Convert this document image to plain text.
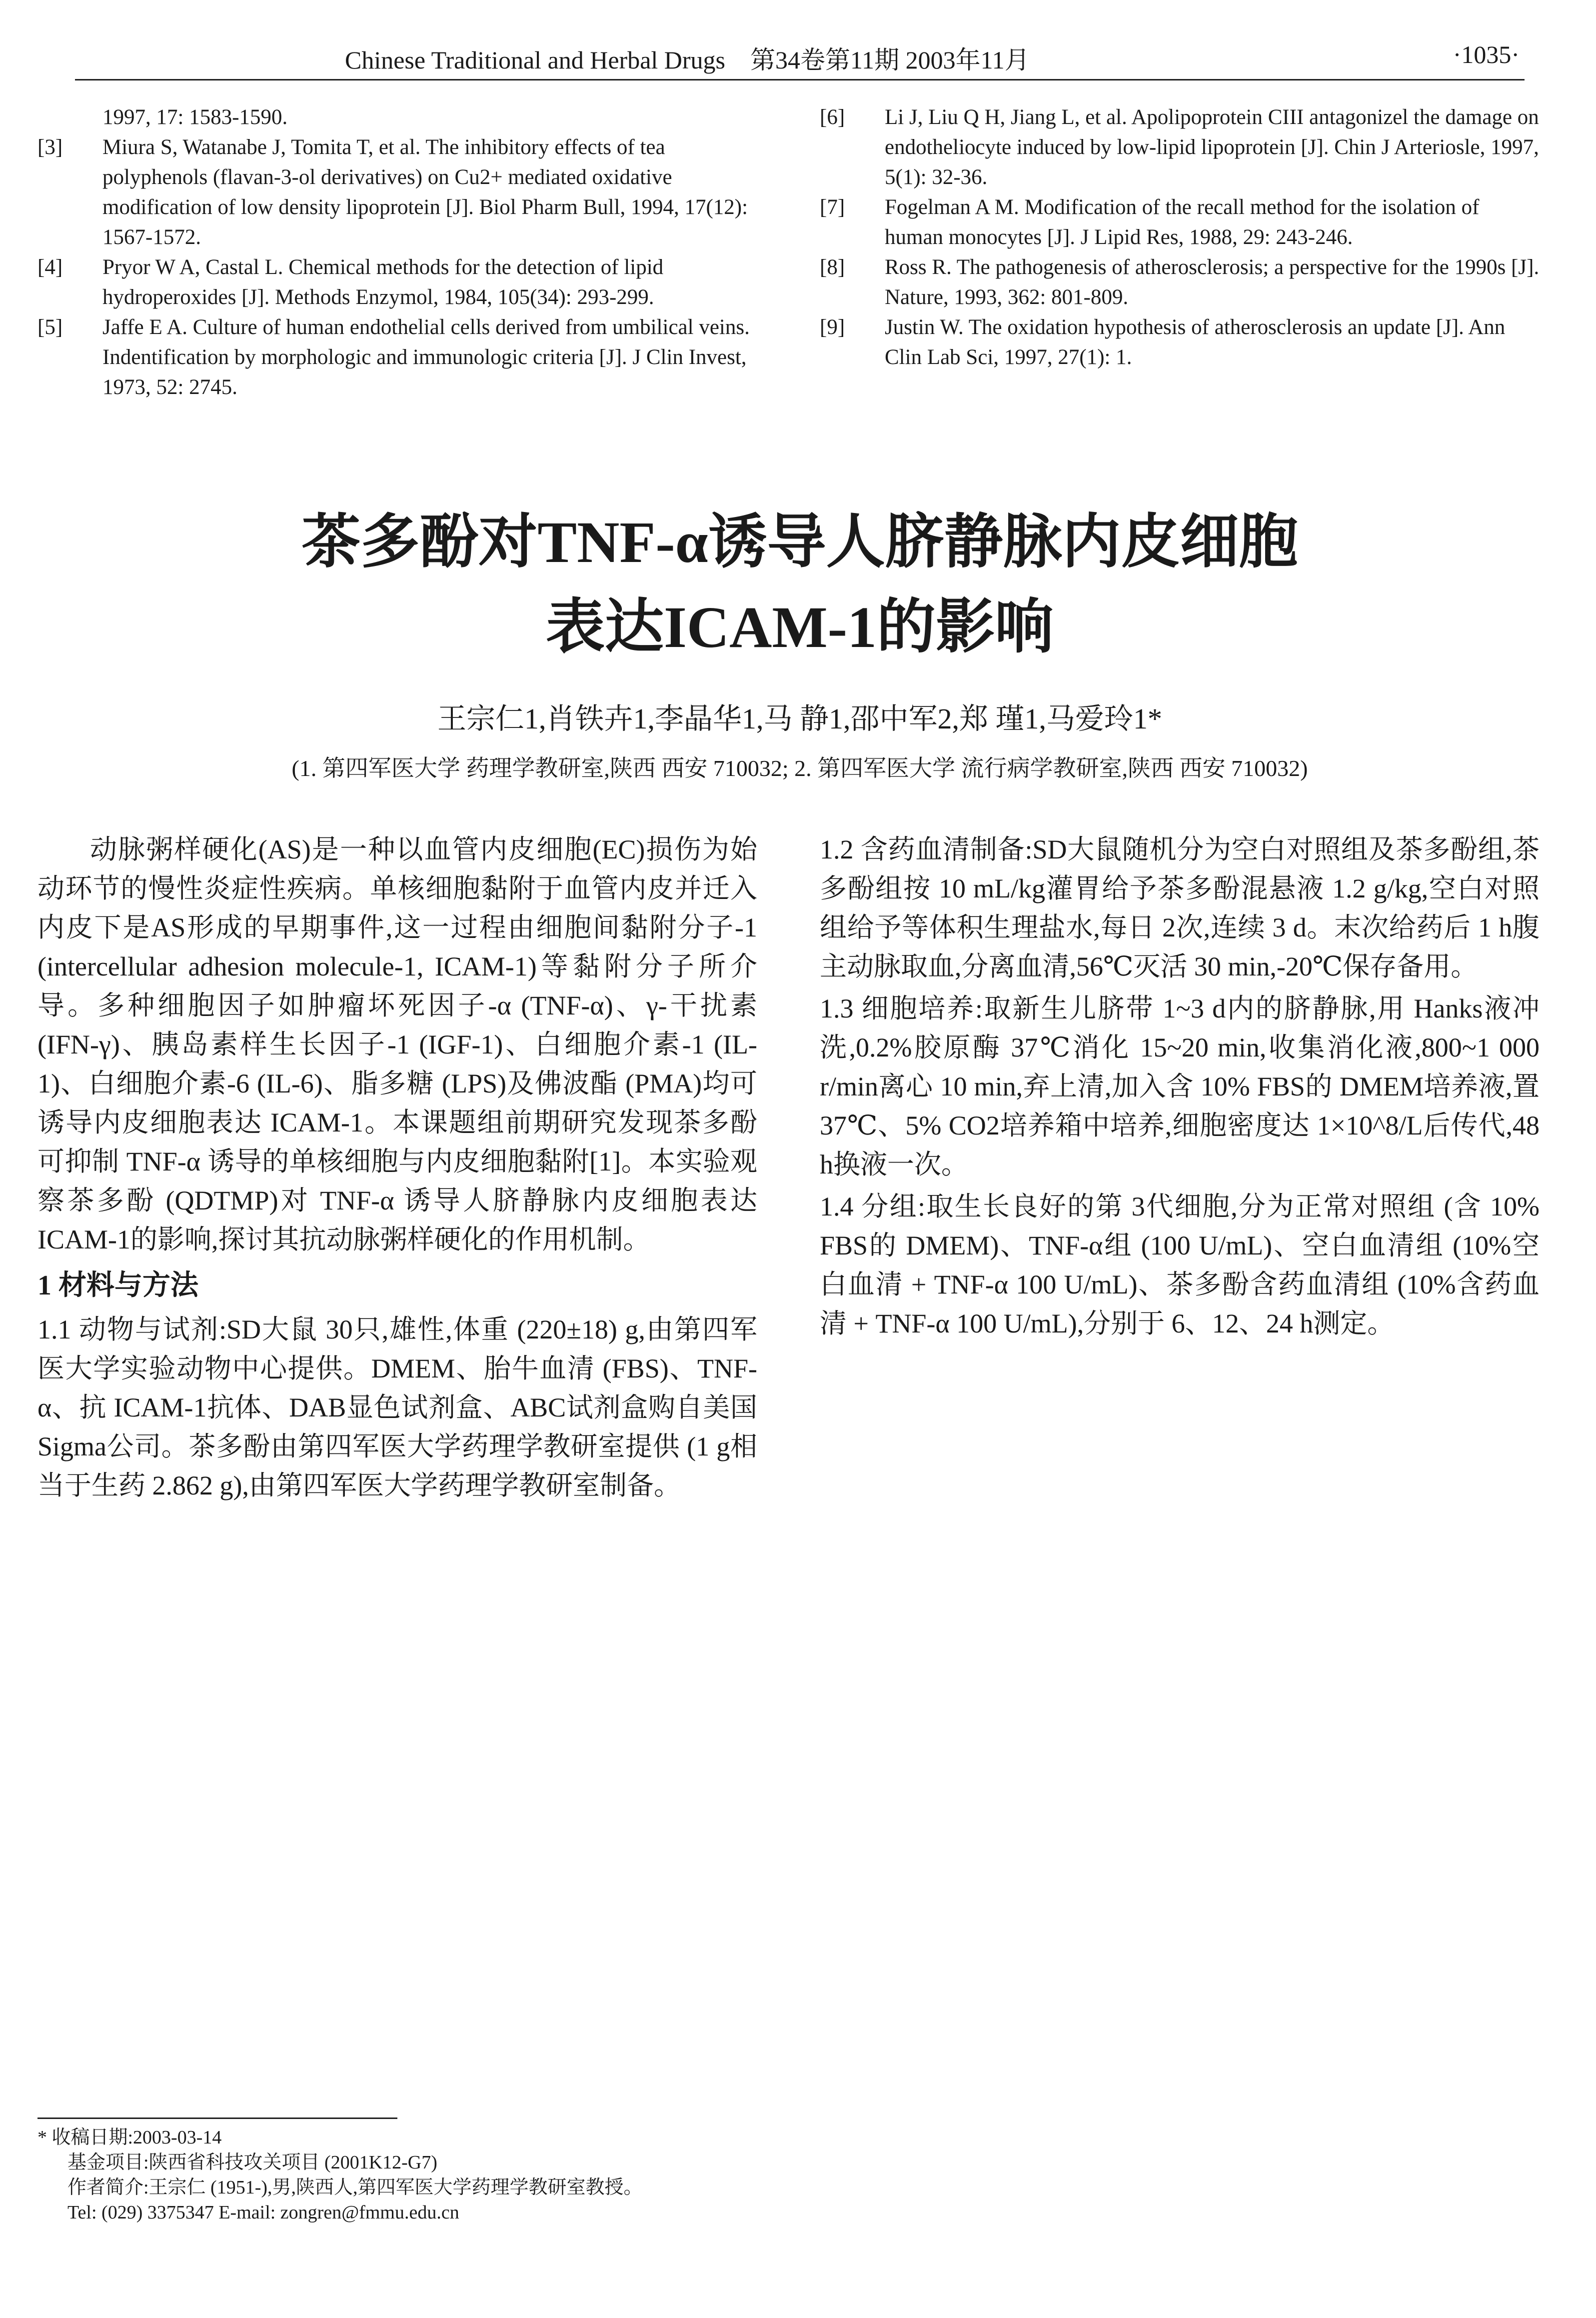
Chinese Traditional and Herbal Drugs 第34卷第11期 2003年11月	·1035·
1997, 17: 1583-1590.
[3] Miura S, Watanabe J, Tomita T, et al. The inhibitory effects of tea polyphenols (flavan-3-ol derivatives) on Cu2+ mediated oxidative modification of low density lipoprotein [J]. Biol Pharm Bull, 1994, 17(12): 1567-1572.
[4] Pryor W A, Castal L. Chemical methods for the detection of lipid hydroperoxides [J]. Methods Enzymol, 1984, 105(34): 293-299.
[5] Jaffe E A. Culture of human endothelial cells derived from umbilical veins. Indentification by morphologic and immunologic criteria [J]. J Clin Invest, 1973, 52: 2745.
[6] Li J, Liu Q H, Jiang L, et al. Apolipoprotein CIII antagonizel the damage on endotheliocyte induced by low-lipid lipoprotein [J]. Chin J Arteriosle, 1997, 5(1): 32-36.
[7] Fogelman A M. Modification of the recall method for the isolation of human monocytes [J]. J Lipid Res, 1988, 29: 243-246.
[8] Ross R. The pathogenesis of atherosclerosis; a perspective for the 1990s [J]. Nature, 1993, 362: 801-809.
[9] Justin W. The oxidation hypothesis of atherosclerosis an update [J]. Ann Clin Lab Sci, 1997, 27(1): 1.
茶多酚对TNF-α诱导人脐静脉内皮细胞
表达ICAM-1的影响
王宗仁1,肖铁卉1,李晶华1,马 静1,邵中军2,郑 瑾1,马爱玲1*
(1. 第四军医大学 药理学教研室,陕西 西安 710032; 2. 第四军医大学 流行病学教研室,陕西 西安 710032)

动脉粥样硬化(AS)是一种以血管内皮细胞(EC)损伤为始动环节的慢性炎症性疾病。单核细胞黏附于血管内皮并迁入内皮下是AS形成的早期事件,这一过程由细胞间黏附分子-1 (intercellular adhesion molecule-1, ICAM-1)等黏附分子所介导。多种细胞因子如肿瘤坏死因子-α (TNF-α)、γ-干扰素 (IFN-γ)、胰岛素样生长因子-1 (IGF-1)、白细胞介素-1 (IL-1)、白细胞介素-6 (IL-6)、脂多糖 (LPS)及佛波酯 (PMA)均可诱导内皮细胞表达 ICAM-1。本课题组前期研究发现茶多酚可抑制 TNF-α 诱导的单核细胞与内皮细胞黏附[1]。本实验观察茶多酚 (QDTMP)对 TNF-α 诱导人脐静脉内皮细胞表达 ICAM-1的影响,探讨其抗动脉粥样硬化的作用机制。

1 材料与方法

1.1 动物与试剂:SD大鼠 30只,雄性,体重 (220±18) g,由第四军医大学实验动物中心提供。DMEM、胎牛血清 (FBS)、TNF-α、抗 ICAM-1抗体、DAB显色试剂盒、ABC试剂盒购自美国 Sigma公司。茶多酚由第四军医大学药理学教研室提供 (1 g相当于生药 2.862 g),由第四军医大学药理学教研室制备。

1.2 含药血清制备:SD大鼠随机分为空白对照组及茶多酚组,茶多酚组按 10 mL/kg灌胃给予茶多酚混悬液 1.2 g/kg,空白对照组给予等体积生理盐水,每日 2次,连续 3 d。末次给药后 1 h腹主动脉取血,分离血清,56℃灭活 30 min,-20℃保存备用。

1.3 细胞培养:取新生儿脐带 1~3 d内的脐静脉,用 Hanks液冲洗,0.2%胶原酶 37℃消化 15~20 min,收集消化液,800~1 000 r/min离心 10 min,弃上清,加入含 10% FBS的 DMEM培养液,置 37℃、5% CO2培养箱中培养,细胞密度达 1×10^8/L后传代,48 h换液一次。

1.4 分组:取生长良好的第 3代细胞,分为正常对照组 (含 10% FBS的 DMEM)、TNF-α组 (100 U/mL)、空白血清组 (10%空白血清 + TNF-α 100 U/mL)、茶多酚含药血清组 (10%含药血清 + TNF-α 100 U/mL),分别于 6、12、24 h测定。

* 收稿日期:2003-03-14
基金项目:陕西省科技攻关项目 (2001K12-G7)
作者简介:王宗仁 (1951-),男,陕西人,第四军医大学药理学教研室教授。
Tel: (029) 3375347 E-mail: zongren@fmmu.edu.cn
